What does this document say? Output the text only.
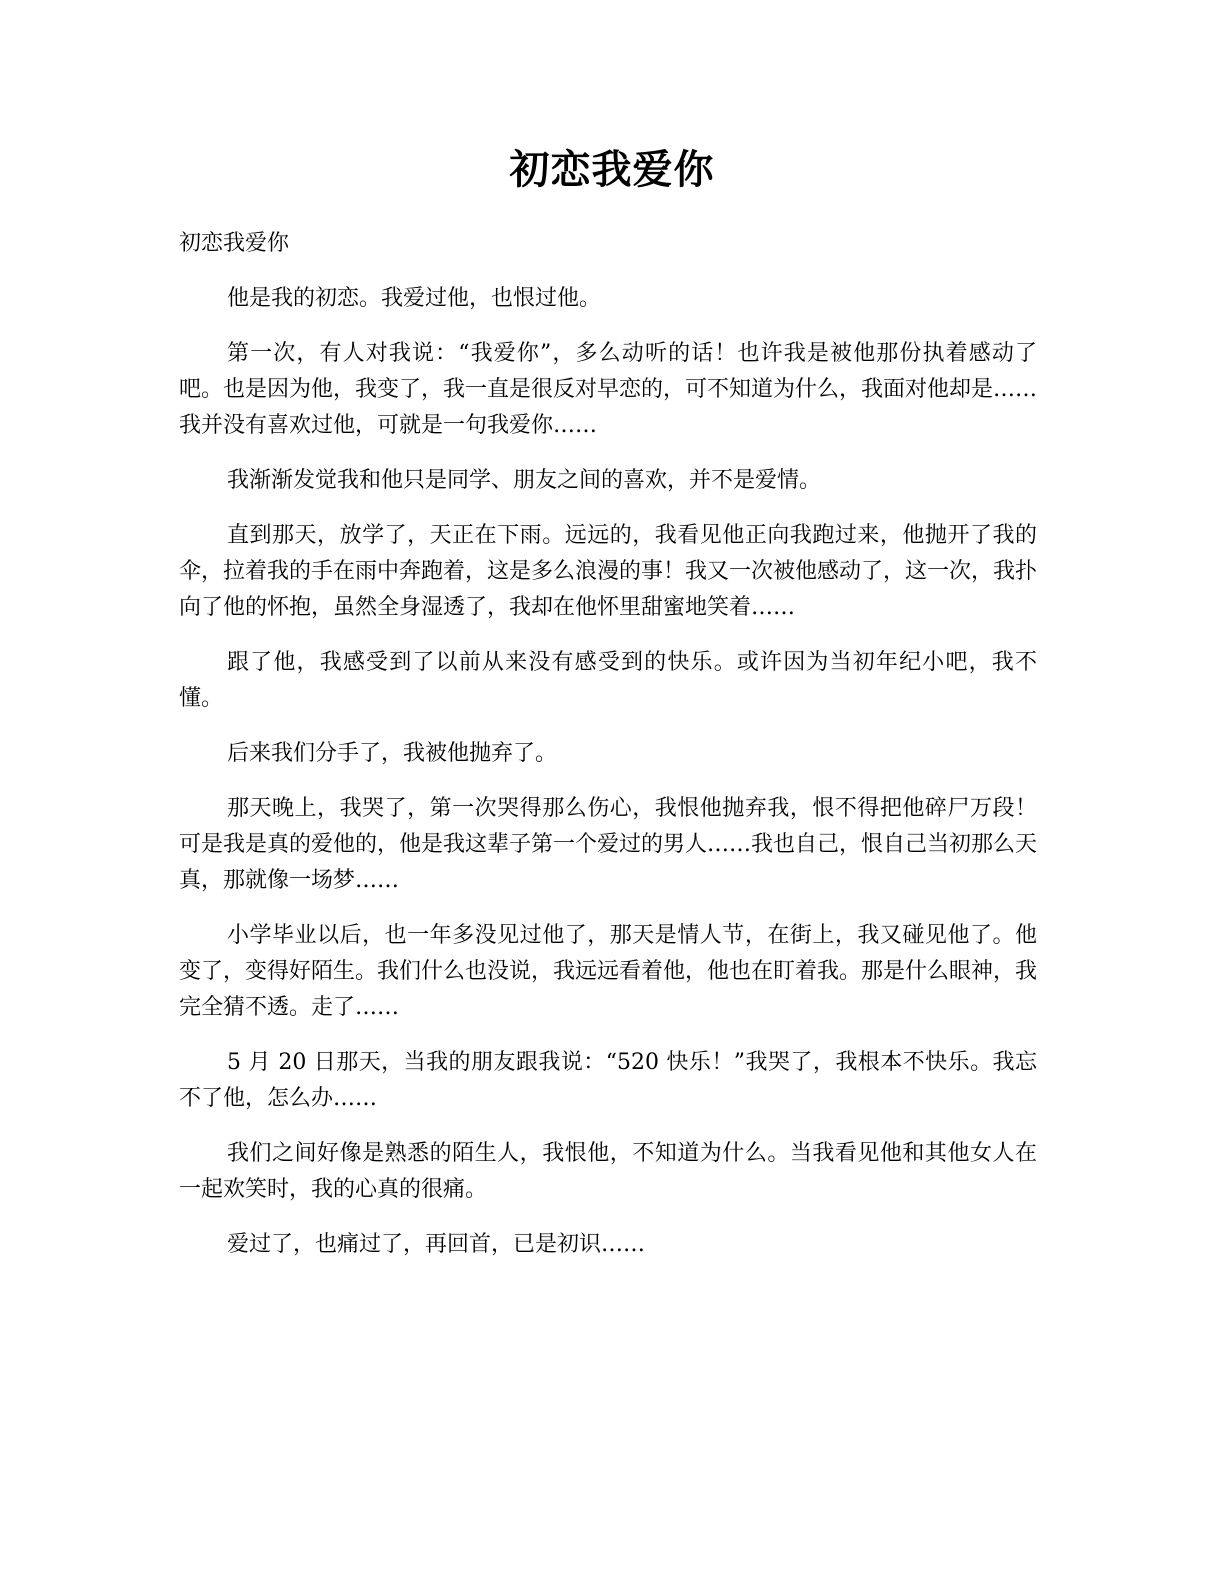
初恋我爱你

初恋我爱你

他是我的初恋。我爱过他，也恨过他。

第一次，有人对我说：“我爱你”，多么动听的话！也许我是被他那份执着感动了吧。也是因为他，我变了，我一直是很反对早恋的，可不知道为什么，我面对他却是……我并没有喜欢过他，可就是一句我爱你……

我渐渐发觉我和他只是同学、朋友之间的喜欢，并不是爱情。

直到那天，放学了，天正在下雨。远远的，我看见他正向我跑过来，他抛开了我的伞，拉着我的手在雨中奔跑着，这是多么浪漫的事！我又一次被他感动了，这一次，我扑向了他的怀抱，虽然全身湿透了，我却在他怀里甜蜜地笑着……

跟了他，我感受到了以前从来没有感受到的快乐。或许因为当初年纪小吧，我不懂。

后来我们分手了，我被他抛弃了。

那天晚上，我哭了，第一次哭得那么伤心，我恨他抛弃我，恨不得把他碎尸万段！可是我是真的爱他的，他是我这辈子第一个爱过的男人……我也自己，恨自己当初那么天真，那就像一场梦……

小学毕业以后，也一年多没见过他了，那天是情人节，在街上，我又碰见他了。他变了，变得好陌生。我们什么也没说，我远远看着他，他也在盯着我。那是什么眼神，我完全猜不透。走了……

5 月 20 日那天，当我的朋友跟我说：“520 快乐！”我哭了，我根本不快乐。我忘不了他，怎么办……

我们之间好像是熟悉的陌生人，我恨他，不知道为什么。当我看见他和其他女人在一起欢笑时，我的心真的很痛。

爱过了，也痛过了，再回首，已是初识……
